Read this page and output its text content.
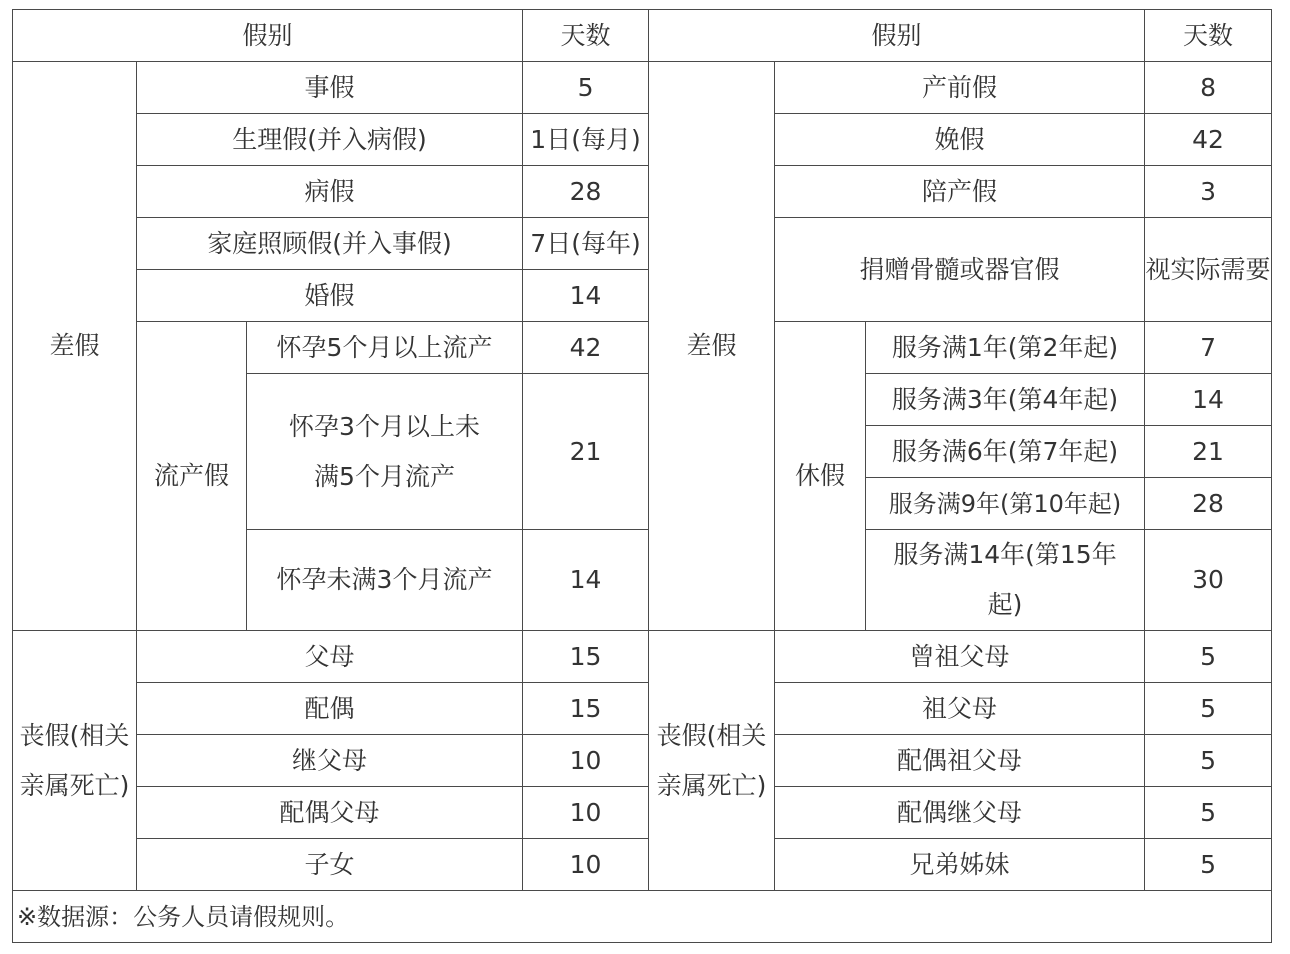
假别			天数	假别			天数
差假	事假		5	差假	产前假		8
	生理假(并入病假)		1日(每月)		娩假		42
	病假		28		陪产假		3
	家庭照顾假(并入事假)		7日(每年)		捐赠骨髓或器官假		视实际需要
	婚假		14				
	流产假	怀孕5个月以上流产	42		休假	服务满1年(第2年起)	7
		怀孕3个月以上未满5个月流产	21			服务满3年(第4年起)	14
						服务满6年(第7年起)	21
						服务满9年(第10年起)	28
		怀孕未满3个月流产	14			服务满14年(第15年起)	30

丧假(相关亲属死亡)	父母		15	丧假(相关亲属死亡)	曾祖父母		5
	配偶		15		祖父母		5
	继父母		10		配偶祖父母		5
	配偶父母		10		配偶继父母		5
	子女		10		兄弟姊妹		5
※数据源：公务人员请假规则。							
